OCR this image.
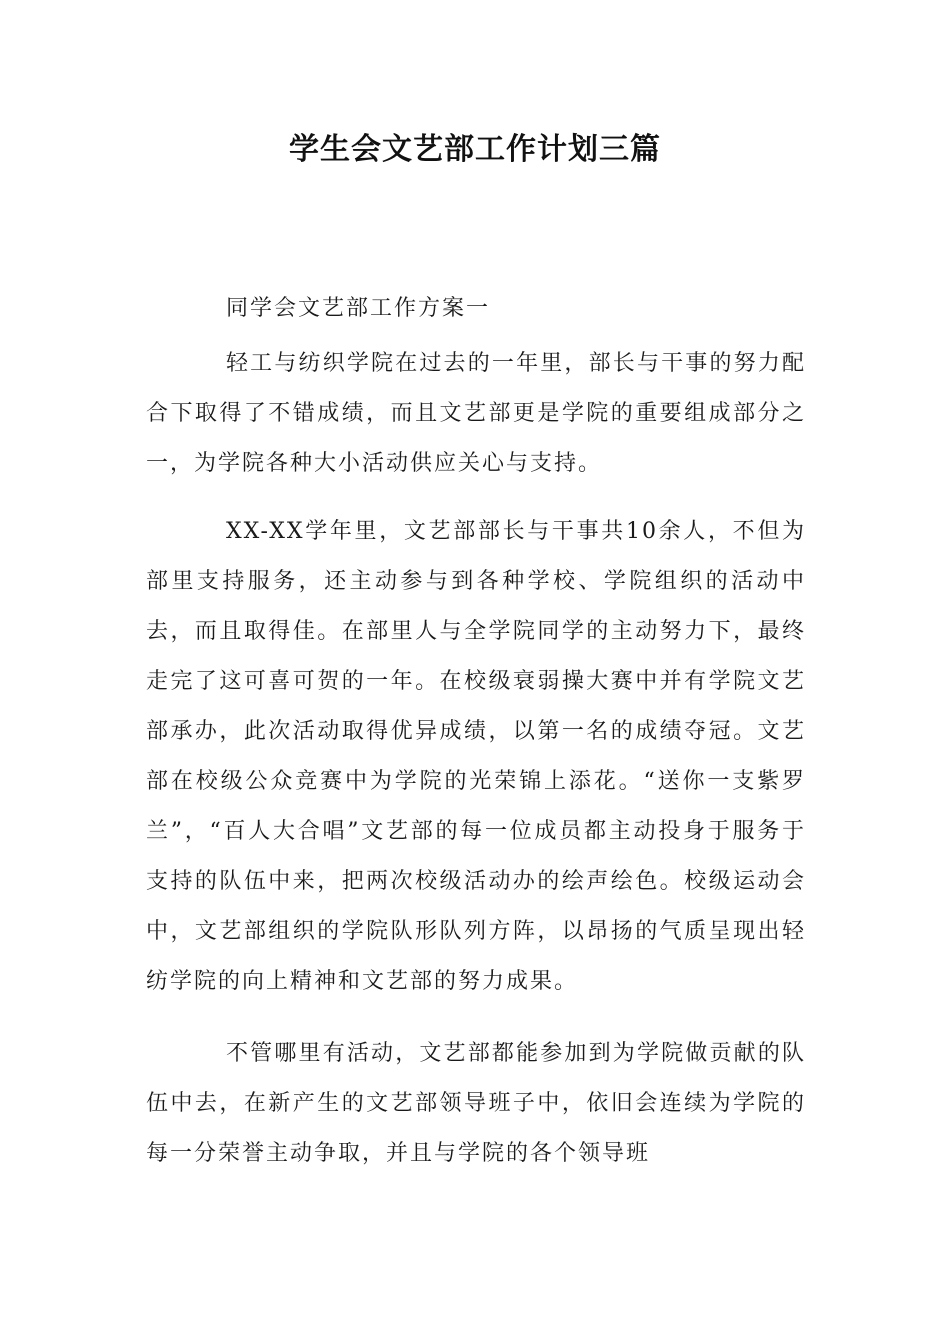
学生会文艺部工作计划三篇

同学会文艺部工作方案一

轻工与纺织学院在过去的一年里，部长与干事的努力配合下取得了不错成绩，而且文艺部更是学院的重要组成部分之一，为学院各种大小活动供应关心与支持。

XX-XX学年里，文艺部部长与干事共10余人，不但为部里支持服务，还主动参与到各种学校、学院组织的活动中去，而且取得佳。在部里人与全学院同学的主动努力下，最终走完了这可喜可贺的一年。在校级衰弱操大赛中并有学院文艺部承办，此次活动取得优异成绩，以第一名的成绩夺冠。文艺部在校级公众竞赛中为学院的光荣锦上添花。“送你一支紫罗兰”，“百人大合唱”文艺部的每一位成员都主动投身于服务于支持的队伍中来，把两次校级活动办的绘声绘色。校级运动会中，文艺部组织的学院队形队列方阵，以昂扬的气质呈现出轻纺学院的向上精神和文艺部的努力成果。

不管哪里有活动，文艺部都能参加到为学院做贡献的队伍中去，在新产生的文艺部领导班子中，依旧会连续为学院的每一分荣誉主动争取，并且与学院的各个领导班
